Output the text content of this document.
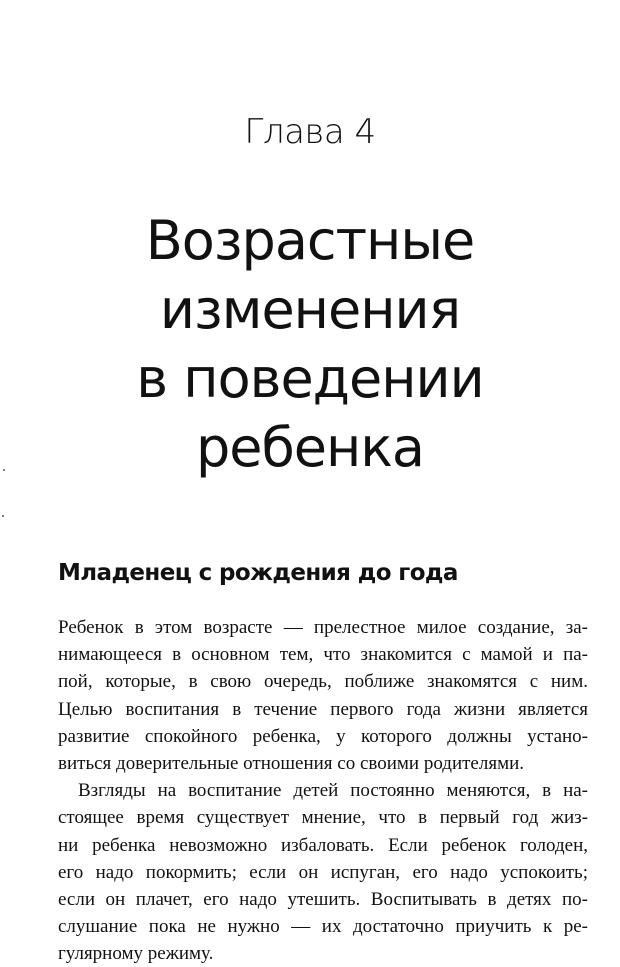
Глава 4
Возрастные
изменения
в поведении
ребенка
Младенец с рождения до года
Ребенок в этом возрасте — прелестное милое создание, за-
нимающееся в основном тем, что знакомится с мамой и па-
пой, которые, в свою очередь, поближе знакомятся с ним.
Целью воспитания в течение первого года жизни является
развитие спокойного ребенка, у которого должны устано-
виться доверительные отношения со своими родителями.
Взгляды на воспитание детей постоянно меняются, в на-
стоящее время существует мнение, что в первый год жиз-
ни ребенка невозможно избаловать. Если ребенок голоден,
его надо покормить; если он испуган, его надо успокоить;
если он плачет, его надо утешить. Воспитывать в детях по-
слушание пока не нужно — их достаточно приучить к ре-
гулярному режиму.
